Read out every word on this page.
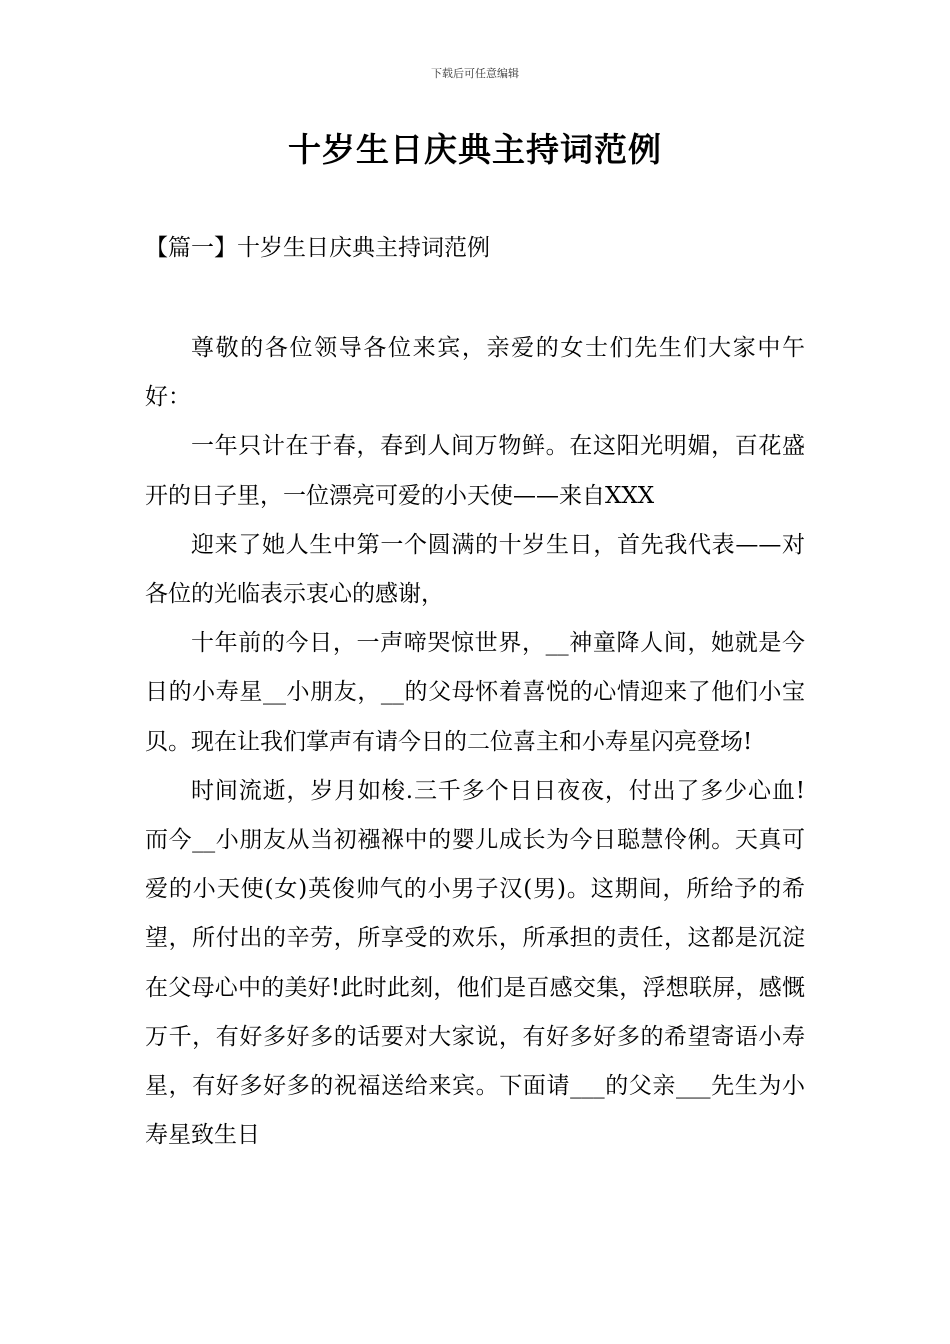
下载后可任意编辑
十岁生日庆典主持词范例
【篇一】十岁生日庆典主持词范例

尊敬的各位领导各位来宾，亲爱的女士们先生们大家中午好：

一年只计在于春，春到人间万物鲜。在这阳光明媚，百花盛开的日子里，一位漂亮可爱的小天使——来自XXX

迎来了她人生中第一个圆满的十岁生日，首先我代表——对各位的光临表示衷心的感谢，

十年前的今日，一声啼哭惊世界，__神童降人间，她就是今日的小寿星__小朋友，__的父母怀着喜悦的心情迎来了他们小宝贝。现在让我们掌声有请今日的二位喜主和小寿星闪亮登场!

时间流逝，岁月如梭.三千多个日日夜夜，付出了多少心血!而今__小朋友从当初襁褓中的婴儿成长为今日聪慧伶俐。天真可爱的小天使(女)英俊帅气的小男子汉(男)。这期间，所给予的希望，所付出的辛劳，所享受的欢乐，所承担的责任，这都是沉淀在父母心中的美好!此时此刻，他们是百感交集，浮想联屏，感慨万千，有好多好多的话要对大家说，有好多好多的希望寄语小寿星，有好多好多的祝福送给来宾。下面请___的父亲___先生为小寿星致生日
